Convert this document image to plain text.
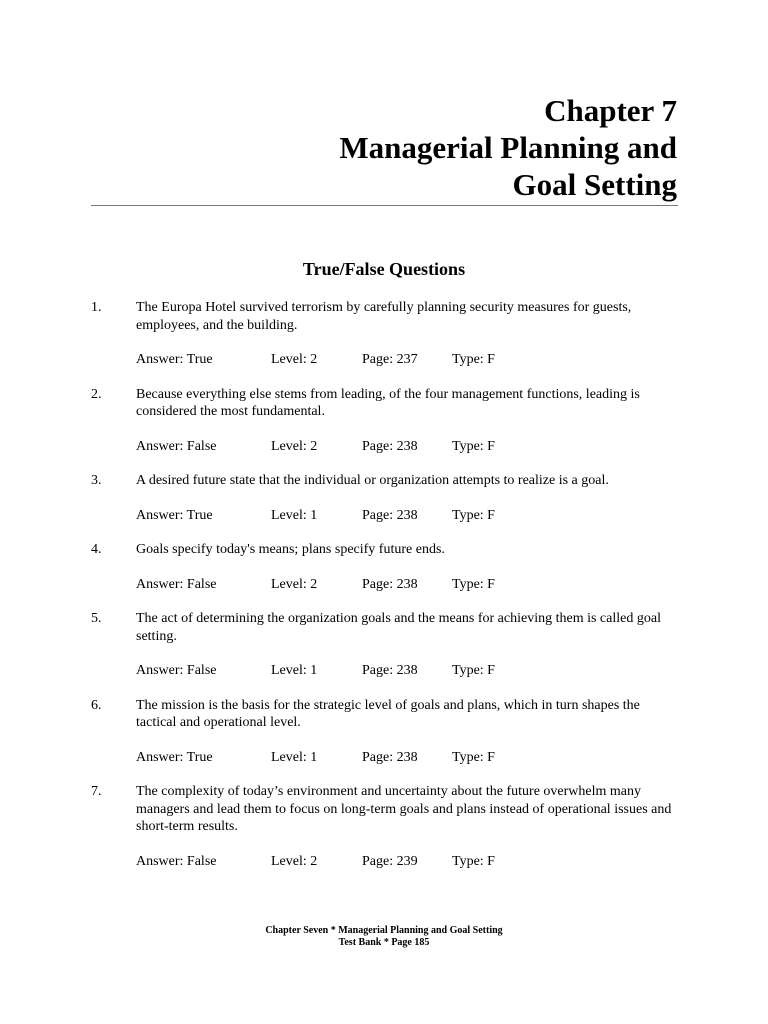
Chapter 7
Managerial Planning and
Goal Setting
True/False Questions
1. The Europa Hotel survived terrorism by carefully planning security measures for guests, employees, and the building.
Answer: True	Level: 2	Page: 237 Type: F
2. Because everything else stems from leading, of the four management functions, leading is considered the most fundamental.
Answer: False	Level: 2	Page: 238 Type: F
3. A desired future state that the individual or organization attempts to realize is a goal.
Answer: True	Level: 1	Page: 238 Type: F
4. Goals specify today's means; plans specify future ends.
Answer: False	Level: 2	Page: 238 Type: F
5. The act of determining the organization goals and the means for achieving them is called goal setting.
Answer: False	Level: 1	Page: 238 Type: F
6. The mission is the basis for the strategic level of goals and plans, which in turn shapes the tactical and operational level.
Answer: True	Level: 1	Page: 238 Type: F
7. The complexity of today’s environment and uncertainty about the future overwhelm many managers and lead them to focus on long-term goals and plans instead of operational issues and short-term results.
Answer: False	Level: 2	Page: 239 Type: F
Chapter Seven * Managerial Planning and Goal Setting
Test Bank * Page 185
